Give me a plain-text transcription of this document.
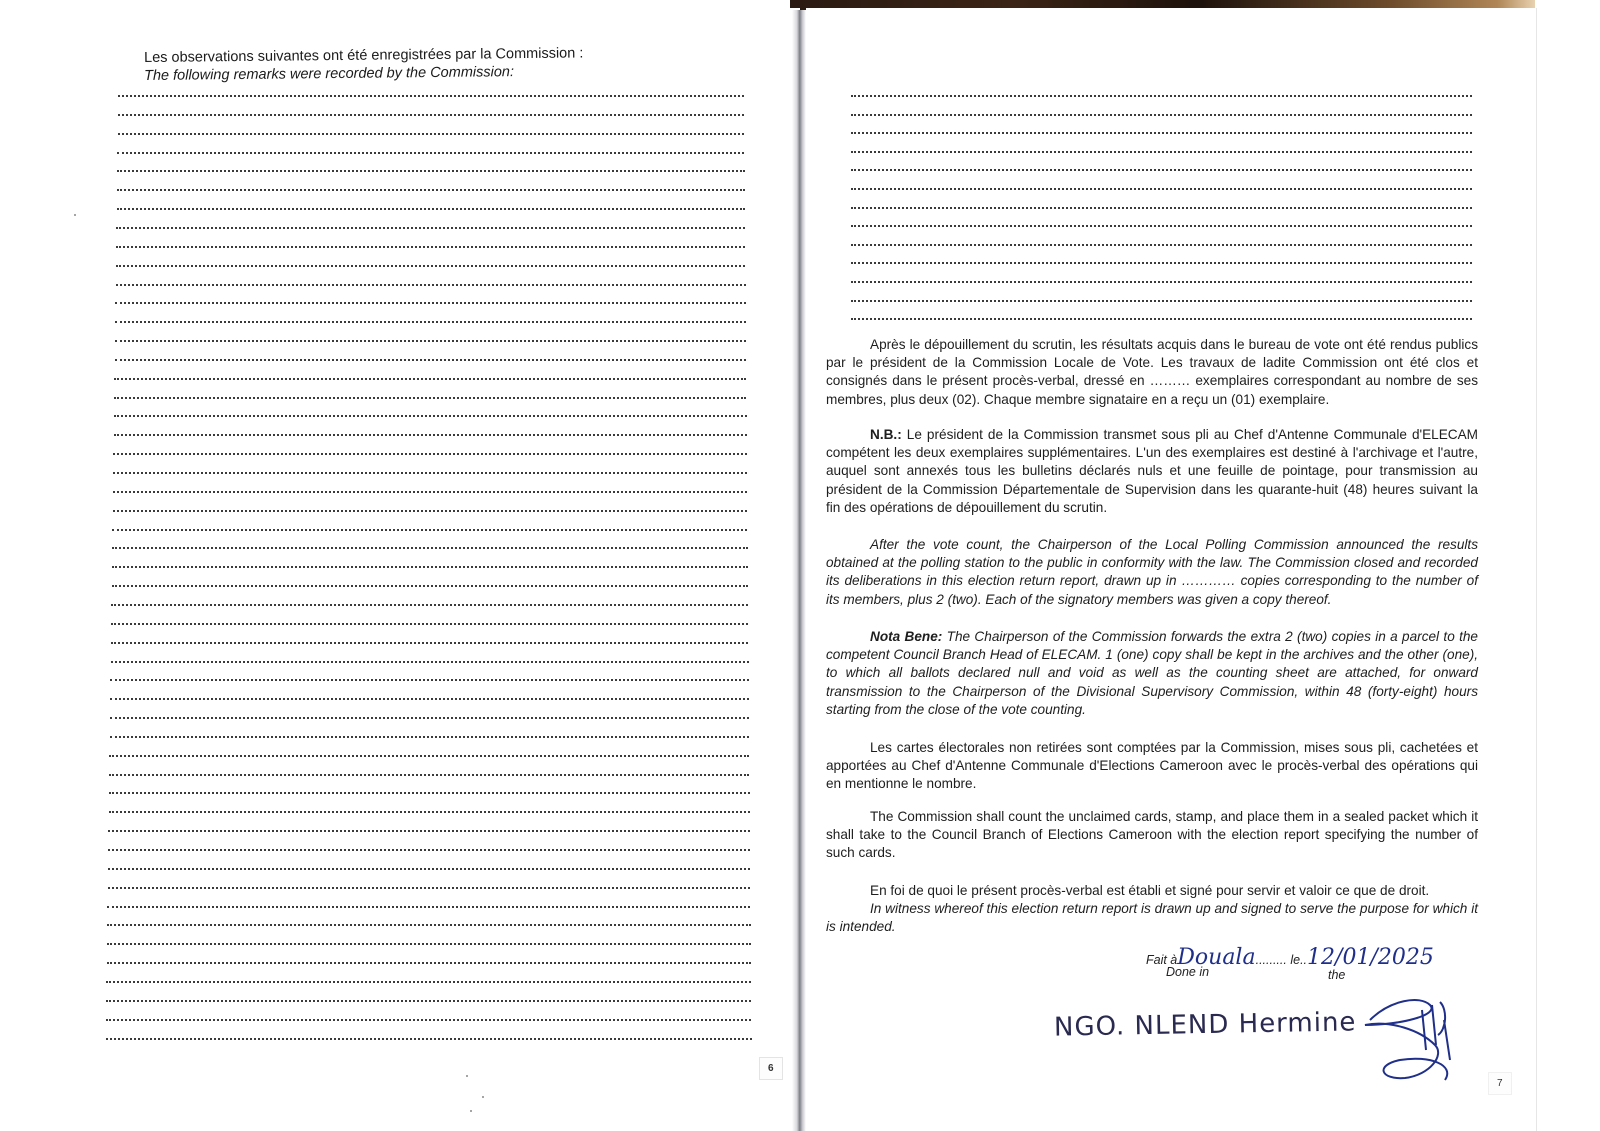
Les observations suivantes ont été enregistrées par la Commission :
The following remarks were recorded by the Commission:
6

Après le dépouillement du scrutin, les résultats acquis dans le bureau de vote ont été rendus publics par le président de la Commission Locale de Vote. Les travaux de ladite Commission ont été clos et consignés dans le présent procès-verbal, dressé en ……… exemplaires correspondant au nombre de ses membres, plus deux (02). Chaque membre signataire en a reçu un (01) exemplaire.

N.B.: Le président de la Commission transmet sous pli au Chef d'Antenne Communale d'ELECAM compétent les deux exemplaires supplémentaires. L'un des exemplaires est destiné à l'archivage et l'autre, auquel sont annexés tous les bulletins déclarés nuls et une feuille de pointage, pour transmission au président de la Commission Départementale de Supervision dans les quarante-huit (48) heures suivant la fin des opérations de dépouillement du scrutin.

After the vote count, the Chairperson of the Local Polling Commission announced the results obtained at the polling station to the public in conformity with the law. The Commission closed and recorded its deliberations in this election return report, drawn up in ………… copies corresponding to the number of its members, plus 2 (two). Each of the signatory members was given a copy thereof.

Nota Bene: The Chairperson of the Commission forwards the extra 2 (two) copies in a parcel to the competent Council Branch Head of ELECAM. 1 (one) copy shall be kept in the archives and the other (one), to which all ballots declared null and void as well as the counting sheet are attached, for onward transmission to the Chairperson of the Divisional Supervisory Commission, within 48 (forty-eight) hours starting from the close of the vote counting.

Les cartes électorales non retirées sont comptées par la Commission, mises sous pli, cachetées et apportées au Chef d'Antenne Communale d'Elections Cameroon avec le procès-verbal des opérations qui en mentionne le nombre.

The Commission shall count the unclaimed cards, stamp, and place them in a sealed packet which it shall take to the Council Branch of Elections Cameroon with the election report specifying the number of such cards.

En foi de quoi le présent procès-verbal est établi et signé pour servir et valoir ce que de droit.

In witness whereof this election return report is drawn up and signed to serve the purpose for which it is intended.

Fait àDouala......... le..12/01/2025
Done in	the
NGO. NLEND Hermine
7
